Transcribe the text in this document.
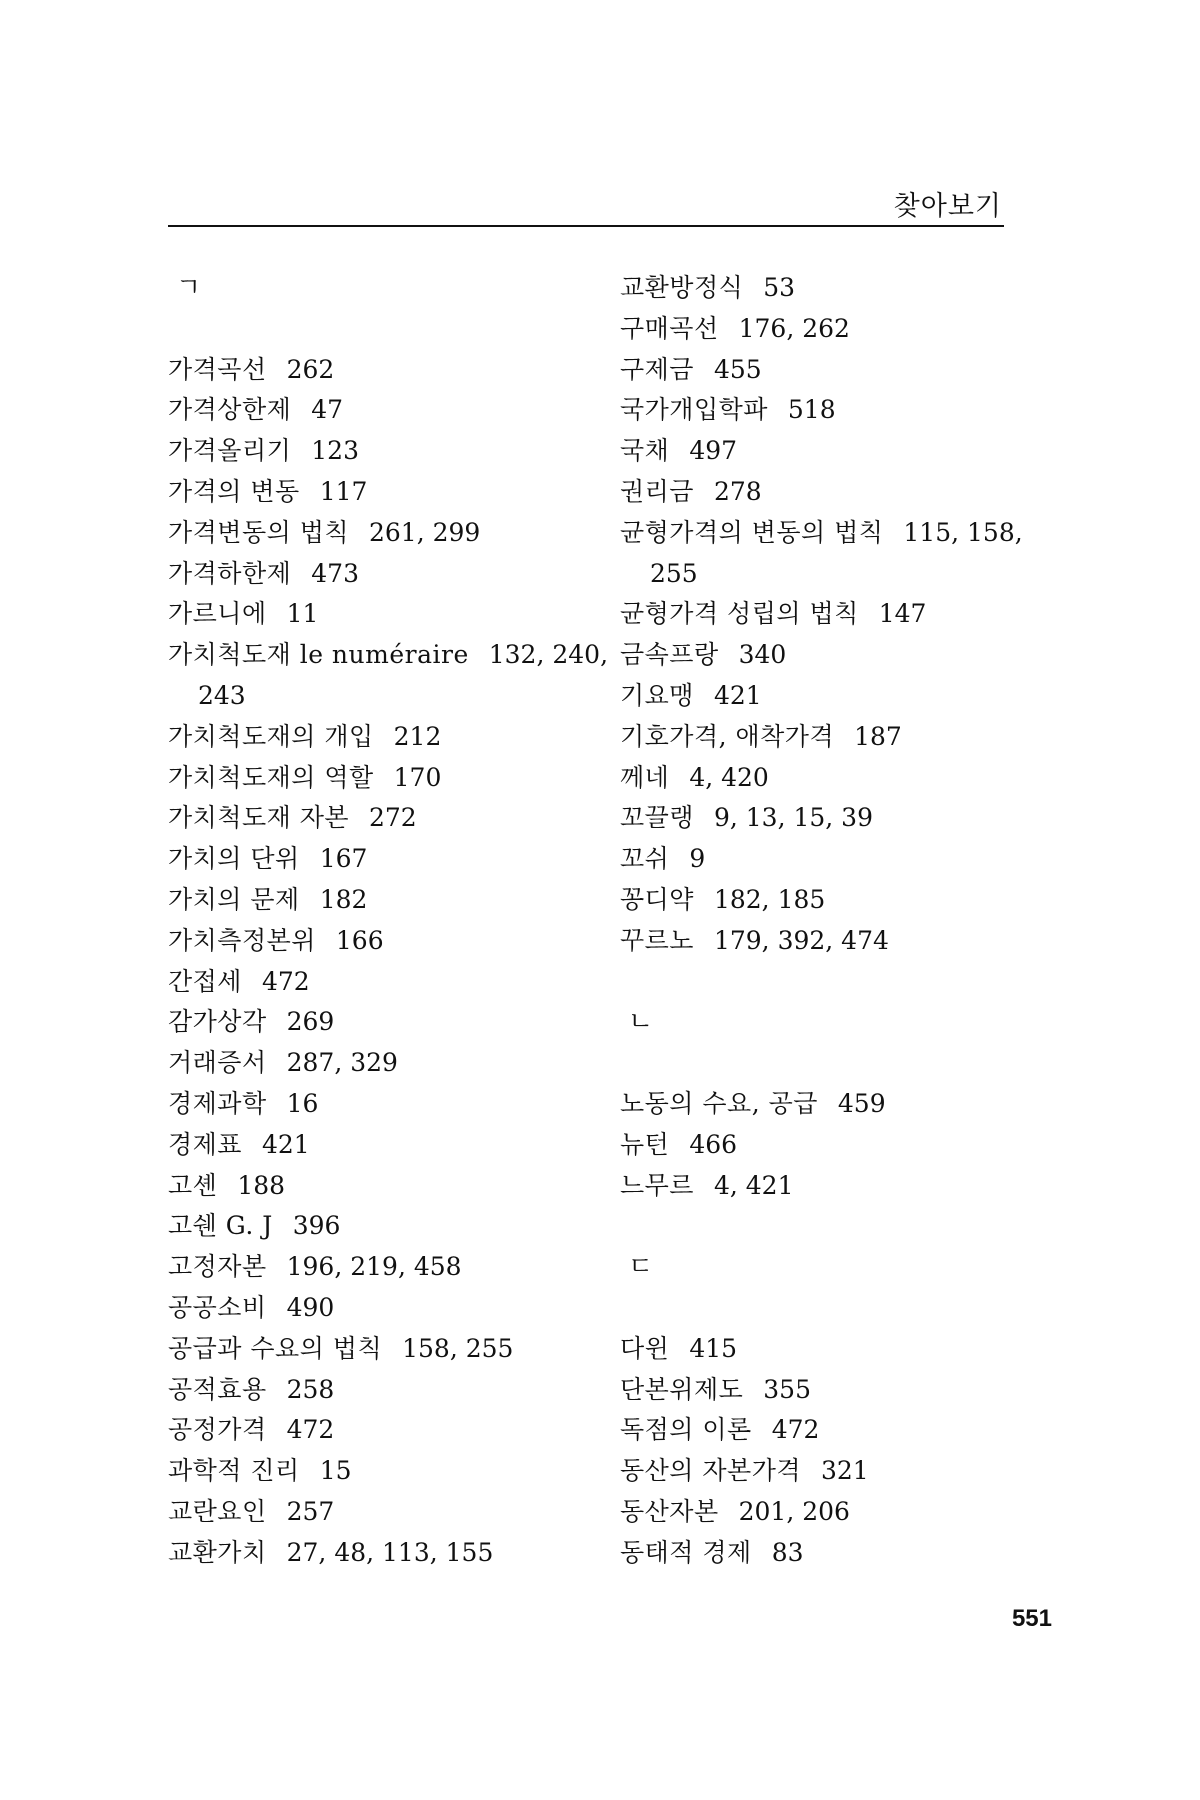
찾아보기
ㄱ
가격곡선 262
가격상한제 47
가격올리기 123
가격의 변동 117
가격변동의 법칙 261, 299
가격하한제 473
가르니에 11
가치척도재 le numéraire 132, 240,
243
가치척도재의 개입 212
가치척도재의 역할 170
가치척도재 자본 272
가치의 단위 167
가치의 문제 182
가치측정본위 166
간접세 472
감가상각 269
거래증서 287, 329
경제과학 16
경제표 421
고셴 188
고쉔 G. J 396
고정자본 196, 219, 458
공공소비 490
공급과 수요의 법칙 158, 255
공적효용 258
공정가격 472
과학적 진리 15
교란요인 257
교환가치 27, 48, 113, 155
교환방정식 53
구매곡선 176, 262
구제금 455
국가개입학파 518
국채 497
권리금 278
균형가격의 변동의 법칙 115, 158,
255
균형가격 성립의 법칙 147
금속프랑 340
기요맹 421
기호가격, 애착가격 187
께네 4, 420
꼬끌랭 9, 13, 15, 39
꼬쉬 9
꽁디약 182, 185
꾸르노 179, 392, 474
ㄴ
노동의 수요, 공급 459
뉴턴 466
느무르 4, 421
ㄷ
다윈 415
단본위제도 355
독점의 이론 472
동산의 자본가격 321
동산자본 201, 206
동태적 경제 83
551
